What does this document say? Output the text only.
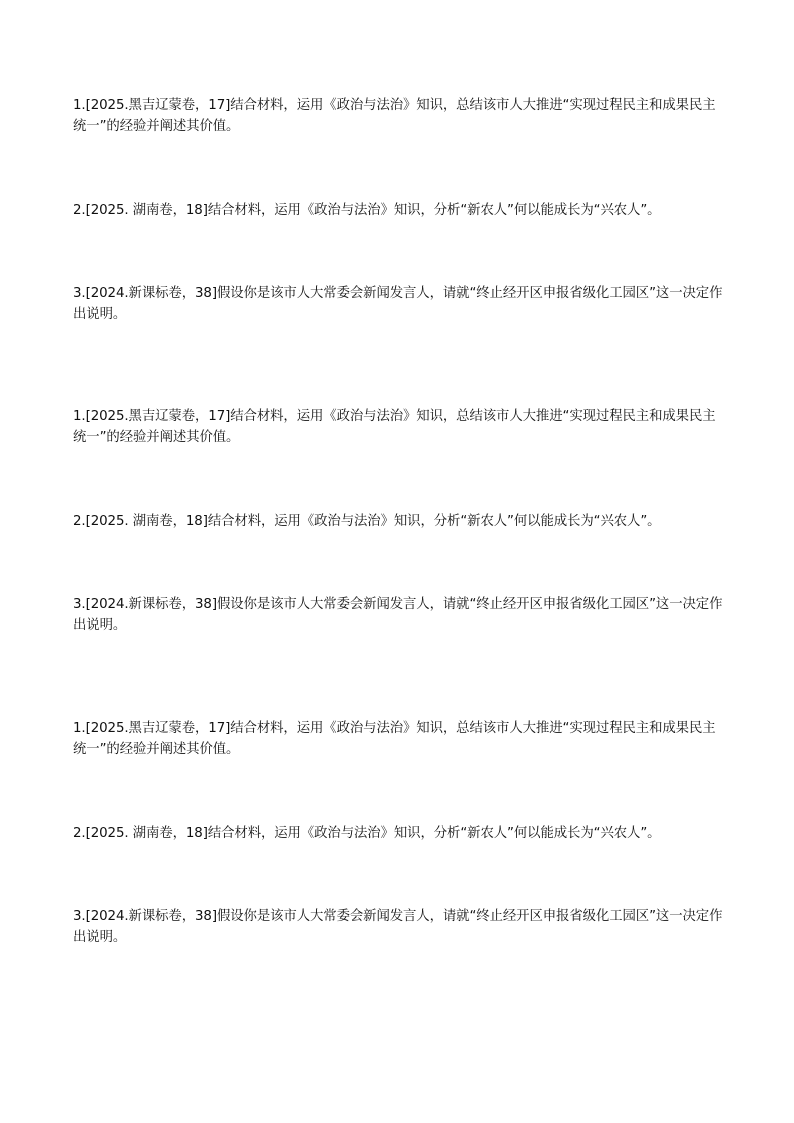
1.[2025.黑吉辽蒙卷，17]结合材料，运用《政治与法治》知识，总结该市人大推进“实现过程民主和成果民主统一”的经验并阐述其价值。

2.[2025. 湖南卷，18]结合材料，运用《政治与法治》知识，分析“新农人”何以能成长为“兴农人”。

3.[2024.新课标卷，38]假设你是该市人大常委会新闻发言人，请就“终止经开区申报省级化工园区”这一决定作出说明。

1.[2025.黑吉辽蒙卷，17]结合材料，运用《政治与法治》知识，总结该市人大推进“实现过程民主和成果民主统一”的经验并阐述其价值。

2.[2025. 湖南卷，18]结合材料，运用《政治与法治》知识，分析“新农人”何以能成长为“兴农人”。

3.[2024.新课标卷，38]假设你是该市人大常委会新闻发言人，请就“终止经开区申报省级化工园区”这一决定作出说明。

1.[2025.黑吉辽蒙卷，17]结合材料，运用《政治与法治》知识，总结该市人大推进“实现过程民主和成果民主统一”的经验并阐述其价值。

2.[2025. 湖南卷，18]结合材料，运用《政治与法治》知识，分析“新农人”何以能成长为“兴农人”。

3.[2024.新课标卷，38]假设你是该市人大常委会新闻发言人，请就“终止经开区申报省级化工园区”这一决定作出说明。
